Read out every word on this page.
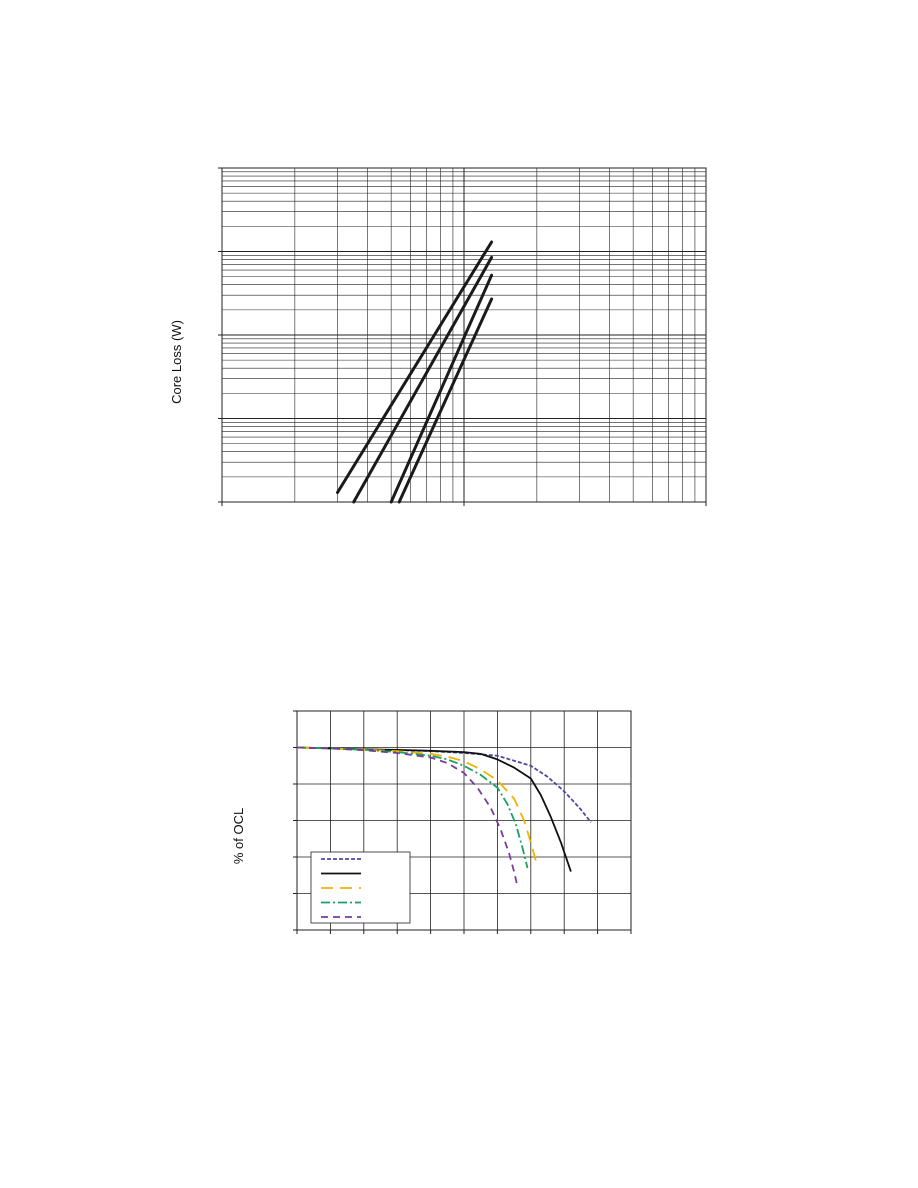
Core Loss (W)
% of OCL
